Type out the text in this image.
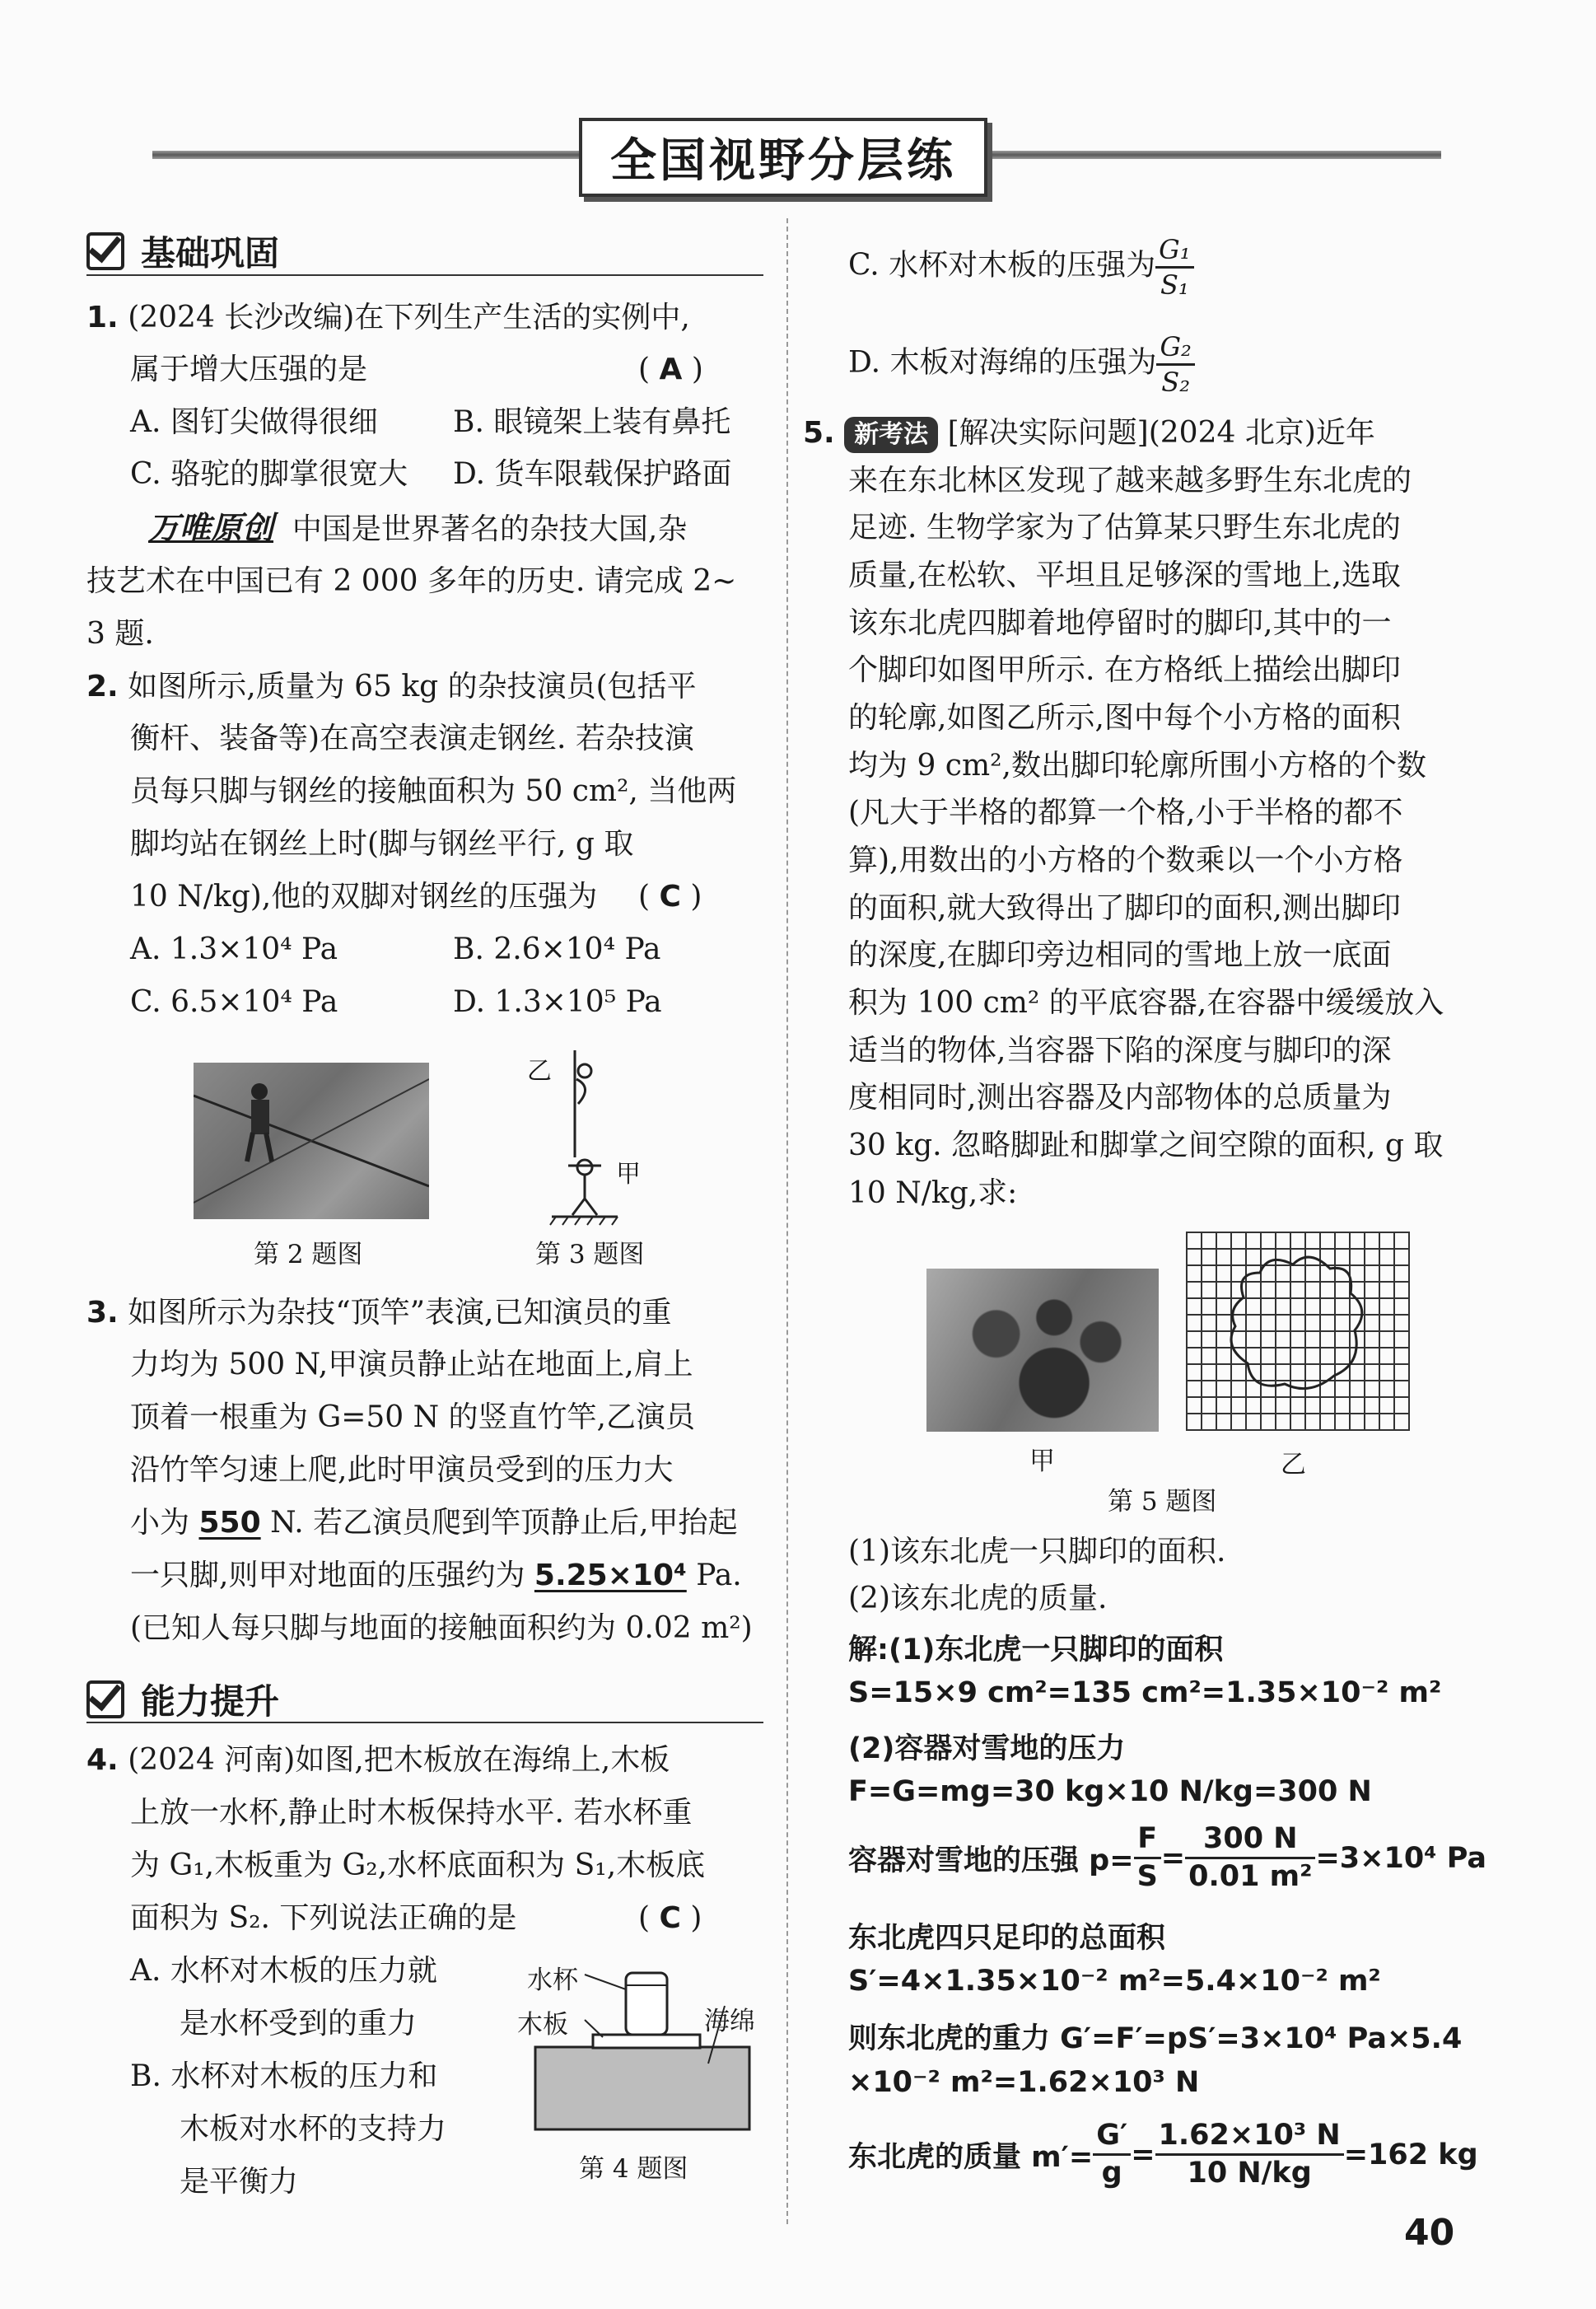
全国视野分层练
基础巩固
1. (2024 长沙改编)在下列生产生活的实例中,
属于增大压强的是	( A )
A. 图钉尖做得很细	B. 眼镜架上装有鼻托
C. 骆驼的脚掌很宽大 D. 货车限载保护路面
万唯原创 中国是世界著名的杂技大国,杂
技艺术在中国已有 2 000 多年的历史. 请完成 2~
3 题.
2. 如图所示,质量为 65 kg 的杂技演员(包括平
衡杆、装备等)在高空表演走钢丝. 若杂技演
员每只脚与钢丝的接触面积为 50 cm², 当他两
脚均站在钢丝上时(脚与钢丝平行, g 取
10 N/kg),他的双脚对钢丝的压强为 ( C )
A. 1.3×10⁴ Pa	B. 2.6×10⁴ Pa
C. 6.5×10⁴ Pa	D. 1.3×10⁵ Pa
第 2 题图
乙
甲
第 3 题图
3. 如图所示为杂技“顶竿”表演,已知演员的重
力均为 500 N,甲演员静止站在地面上,肩上
顶着一根重为 G=50 N 的竖直竹竿,乙演员
沿竹竿匀速上爬,此时甲演员受到的压力大
小为 550 N. 若乙演员爬到竿顶静止后,甲抬起
一只脚,则甲对地面的压强约为 5.25×10⁴ Pa.
(已知人每只脚与地面的接触面积约为 0.02 m²)
能力提升
4. (2024 河南)如图,把木板放在海绵上,木板
上放一水杯,静止时木板保持水平. 若水杯重
为 G₁,木板重为 G₂,水杯底面积为 S₁,木板底
面积为 S₂. 下列说法正确的是	( C )
A. 水杯对木板的压力就
是水杯受到的重力
B. 水杯对木板的压力和
木板对水杯的支持力
是平衡力
水杯
木板	海绵
第 4 题图
C. 水杯对木板的压强为 $\frac{\text{G₁}}{\text{S₁}}$
D. 木板对海绵的压强为 $\frac{\text{G₂}}{\text{S₂}}$
5. 新考法 [解决实际问题](2024 北京)近年
来在东北林区发现了越来越多野生东北虎的
足迹. 生物学家为了估算某只野生东北虎的
质量,在松软、平坦且足够深的雪地上,选取
该东北虎四脚着地停留时的脚印,其中的一
个脚印如图甲所示. 在方格纸上描绘出脚印
的轮廓,如图乙所示,图中每个小方格的面积
均为 9 cm²,数出脚印轮廓所围小方格的个数
(凡大于半格的都算一个格,小于半格的都不
算),用数出的小方格的个数乘以一个小方格
的面积,就大致得出了脚印的面积,测出脚印
的深度,在脚印旁边相同的雪地上放一底面
积为 100 cm² 的平底容器,在容器中缓缓放入
适当的物体,当容器下陷的深度与脚印的深
度相同时,测出容器及内部物体的总质量为
30 kg. 忽略脚趾和脚掌之间空隙的面积, g 取
10 N/kg,求:
甲	乙
第 5 题图
(1)该东北虎一只脚印的面积.
(2)该东北虎的质量.
解:(1)东北虎一只脚印的面积
S=15×9 cm²=135 cm²=1.35×10⁻² m²
(2)容器对雪地的压力
F=G=mg=30 kg×10 N/kg=300 N
容器对雪地的压强 $p= \frac{F}{S} = \frac{300 N}{\text{0.01 m²}} =3\times 10^4$ Pa
东北虎四只足印的总面积
S′=4×1.35×10⁻² m²=5.4×10⁻² m²
则东北虎的重力 G′=F′=pS′=3×10⁴ Pa×5.4
×10⁻² m²=1.62×10³ N
东北虎的质量 $m'= \frac{G'}{g} = \frac{\text{1.62×10³ N}}{10 N/kg} =162$ kg
40
